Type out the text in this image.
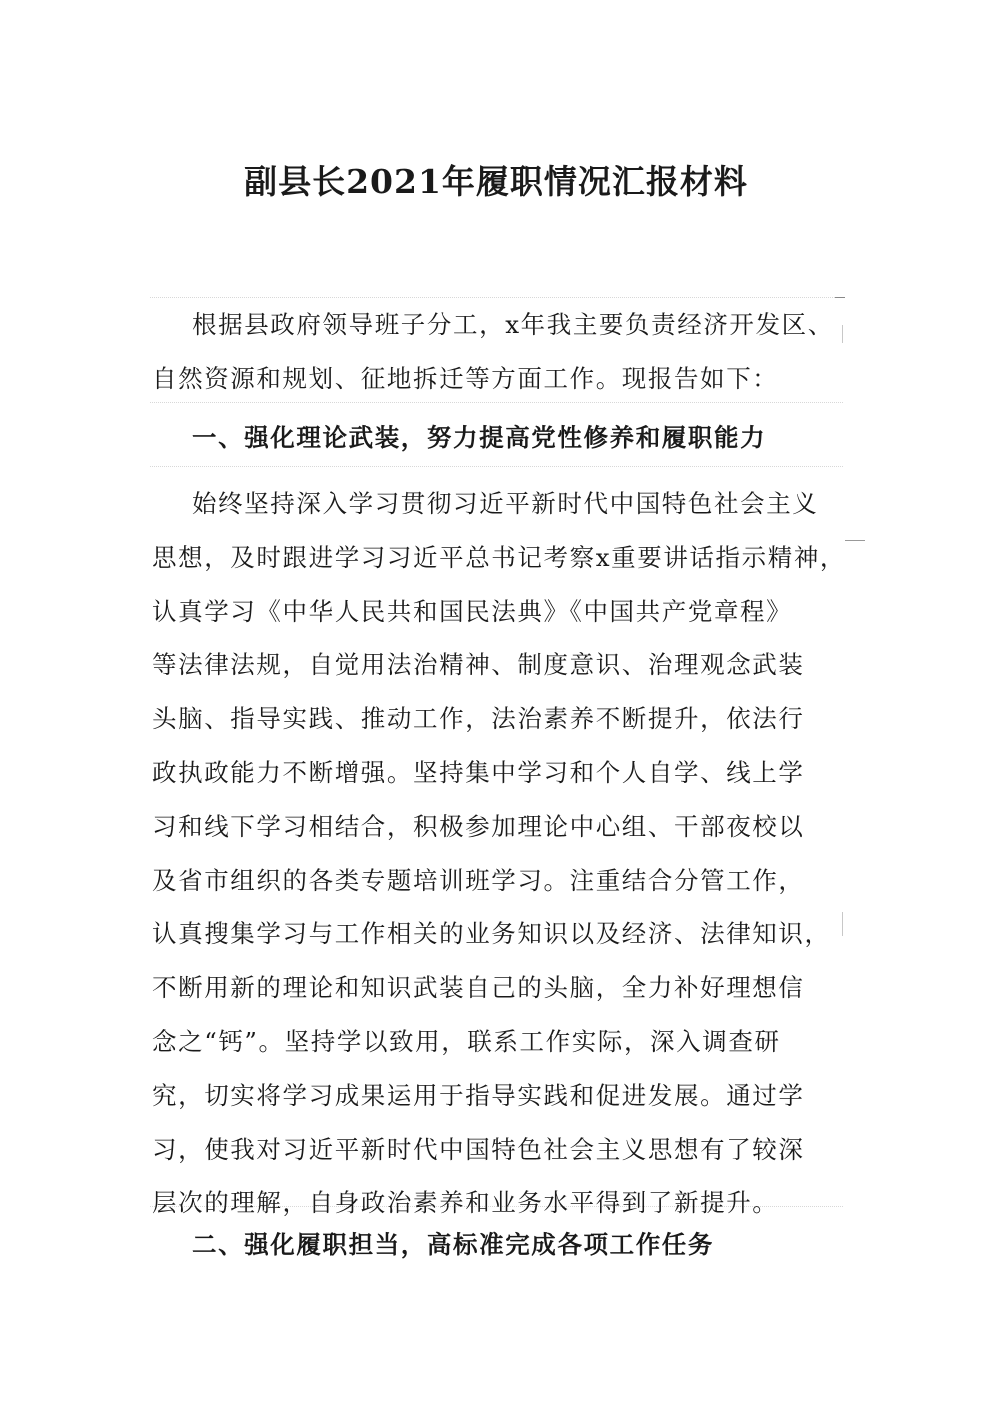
副县长2021年履职情况汇报材料
根据县政府领导班子分工，x年我主要负责经济开发区、
自然资源和规划、征地拆迁等方面工作。现报告如下：
一、强化理论武装，努力提高党性修养和履职能力
始终坚持深入学习贯彻习近平新时代中国特色社会主义
思想，及时跟进学习习近平总书记考察x重要讲话指示精神，
认真学习《中华人民共和国民法典》《中国共产党章程》
等法律法规，自觉用法治精神、制度意识、治理观念武装
头脑、指导实践、推动工作，法治素养不断提升，依法行
政执政能力不断增强。坚持集中学习和个人自学、线上学
习和线下学习相结合，积极参加理论中心组、干部夜校以
及省市组织的各类专题培训班学习。注重结合分管工作，
认真搜集学习与工作相关的业务知识以及经济、法律知识，
不断用新的理论和知识武装自己的头脑，全力补好理想信
念之“钙”。坚持学以致用，联系工作实际，深入调查研
究，切实将学习成果运用于指导实践和促进发展。通过学
习，使我对习近平新时代中国特色社会主义思想有了较深
层次的理解，自身政治素养和业务水平得到了新提升。
二、强化履职担当，高标准完成各项工作任务
